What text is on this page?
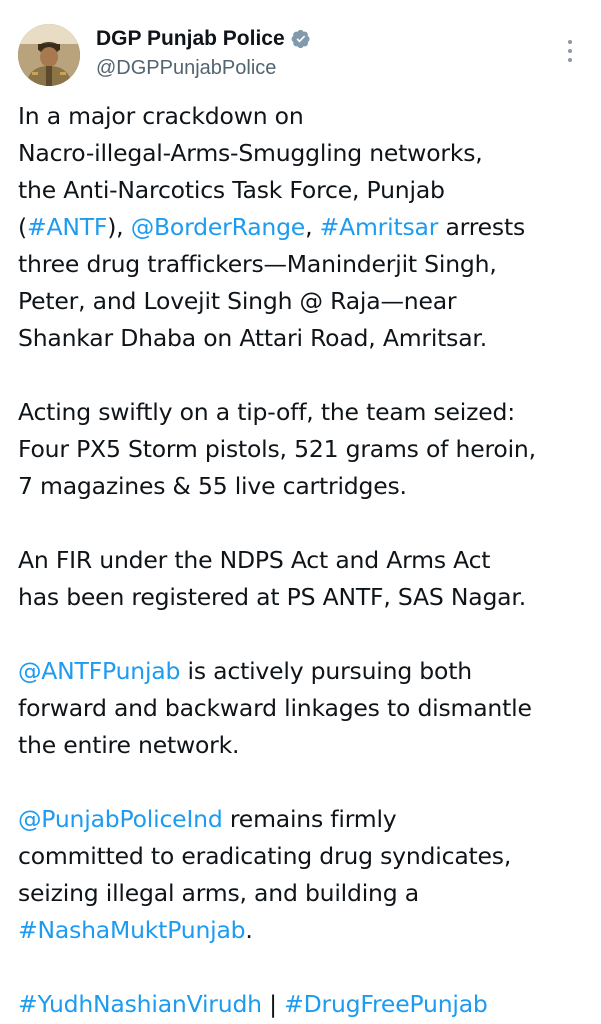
DGP Punjab Police
@DGPPunjabPolice

In a major crackdown on
Nacro-illegal-Arms-Smuggling networks,
the Anti-Narcotics Task Force, Punjab
(#ANTF), @BorderRange, #Amritsar arrests
three drug traffickers—Maninderjit Singh,
Peter, and Lovejit Singh @ Raja—near
Shankar Dhaba on Attari Road, Amritsar.

Acting swiftly on a tip-off, the team seized:
Four PX5 Storm pistols, 521 grams of heroin,
7 magazines & 55 live cartridges.

An FIR under the NDPS Act and Arms Act
has been registered at PS ANTF, SAS Nagar.

@ANTFPunjab is actively pursuing both
forward and backward linkages to dismantle
the entire network.

@PunjabPoliceInd remains firmly
committed to eradicating drug syndicates,
seizing illegal arms, and building a
#NashaMuktPunjab.

#YudhNashianVirudh | #DrugFreePunjab
